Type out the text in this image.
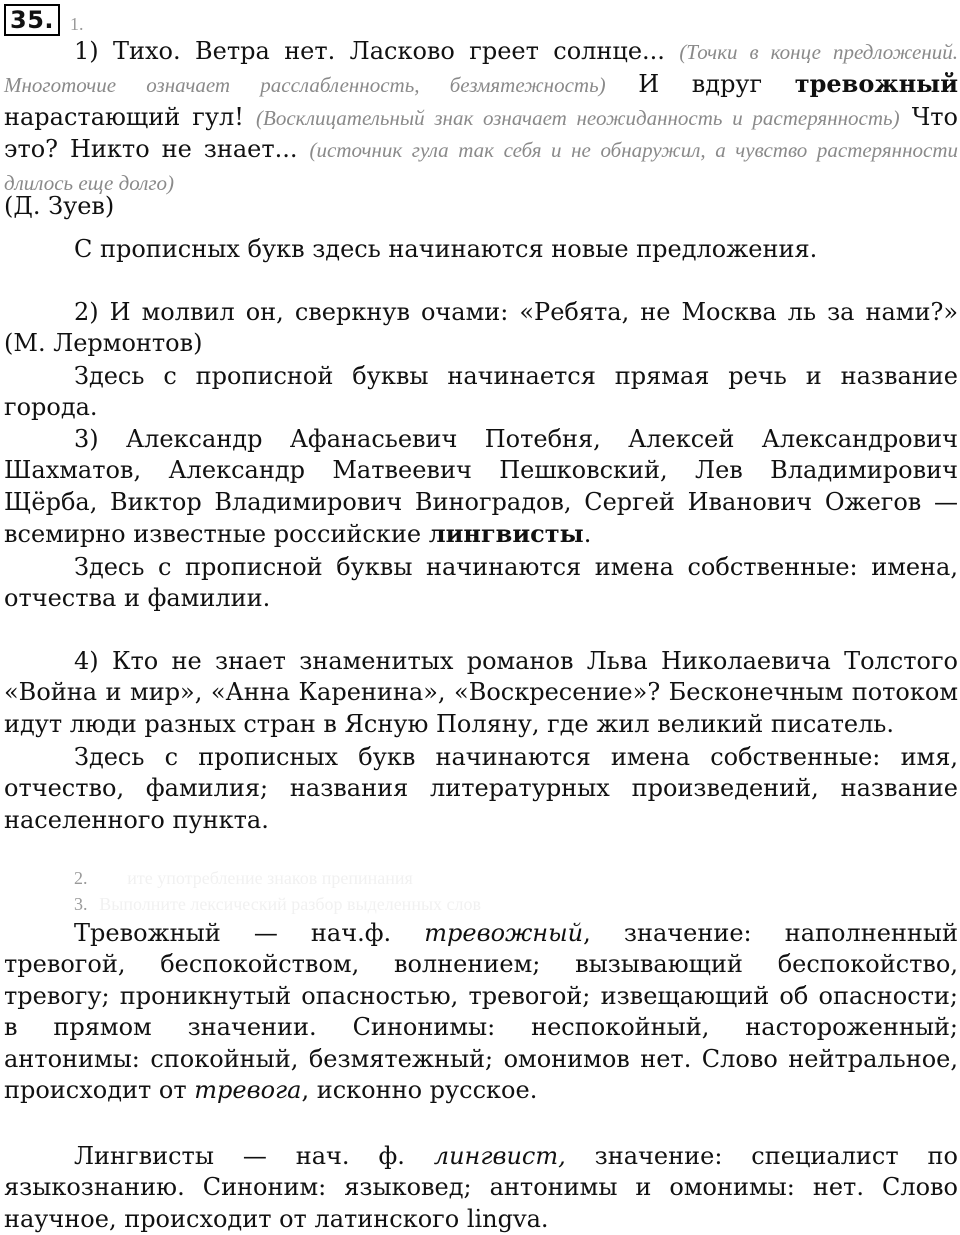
35. 1.

1) Тихо. Ветра нет. Ласково греет солнце... (Точки в конце предложений. Многоточие означает расслабленность, безмятежность) И вдруг тревожный нарастающий гул! (Восклицательный знак означает неожиданность и растерянность) Что это? Никто не знает... (источник гула так себя и не обнаружил, а чувство растерянности длилось еще долго)

(Д. Зуев)

С прописных букв здесь начинаются новые предложения.

2) И молвил он, сверкнув очами: «Ребята, не Москва ль за нами?» (М. Лермонтов)

Здесь с прописной буквы начинается прямая речь и название города.

3) Александр Афанасьевич Потебня, Алексей Александрович Шахматов, Александр Матвеевич Пешковский, Лев Владимирович Щёрба, Виктор Владимирович Виноградов, Сергей Иванович Ожегов — всемирно известные российские лингвисты.

Здесь с прописной буквы начинаются имена собственные: имена, отчества и фамилии.

4) Кто не знает знаменитых романов Льва Николаевича Толстого «Война и мир», «Анна Каренина», «Воскресение»? Бесконечным потоком идут люди разных стран в Ясную Поляну, где жил великий писатель.

Здесь с прописных букв начинаются имена собственные: имя, отчество, фамилия; названия литературных произведений, название населенного пункта.

2. ите употребление знаков препинания
3. Выполните лексический разбор выделенных слов

Тревожный — нач.ф. тревожный, значение: наполненный тревогой, беспокойством, волнением; вызывающий беспокойство, тревогу; проникнутый опасностью, тревогой; извещающий об опасности; в прямом значении. Синонимы: неспокойный, настороженный; антонимы: спокойный, безмятежный; омонимов нет. Слово нейтральное, происходит от тревога, исконно русское.

Лингвисты — нач. ф. лингвист, значение: специалист по языкознанию. Синоним: языковед; антонимы и омонимы: нет. Слово научное, происходит от латинского lingva.
